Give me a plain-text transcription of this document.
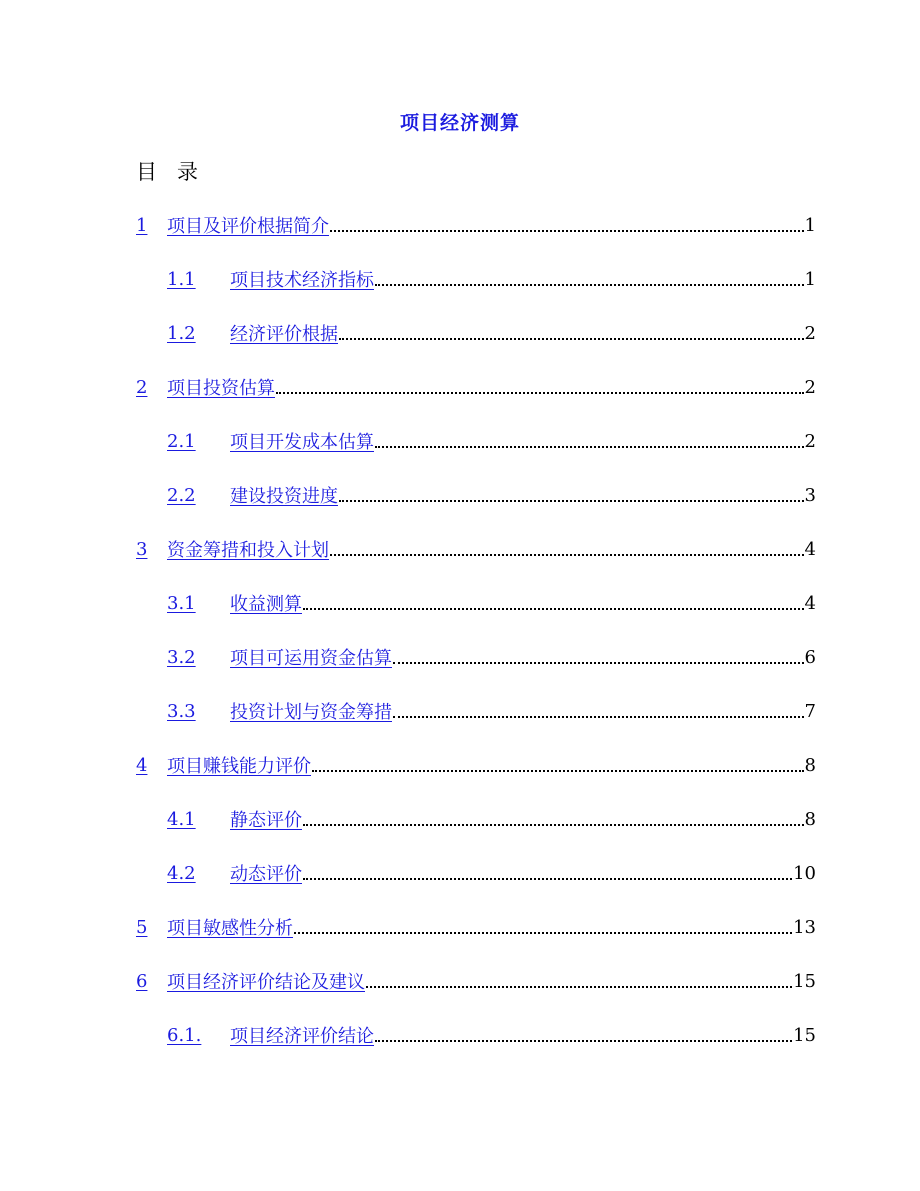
项目经济测算
目 录
1	项目及评价根据简介	1
1.1	项目技术经济指标	1
1.2	经济评价根据	2
2	项目投资估算	2
2.1	项目开发成本估算	2
2.2	建设投资进度	3
3	资金筹措和投入计划	4
3.1	收益测算	4
3.2	项目可运用资金估算	6
3.3	投资计划与资金筹措	7
4	项目赚钱能力评价	8
4.1	静态评价	8
4.2	动态评价	10
5	项目敏感性分析	13
6	项目经济评价结论及建议	15
6.1.	项目经济评价结论	15
